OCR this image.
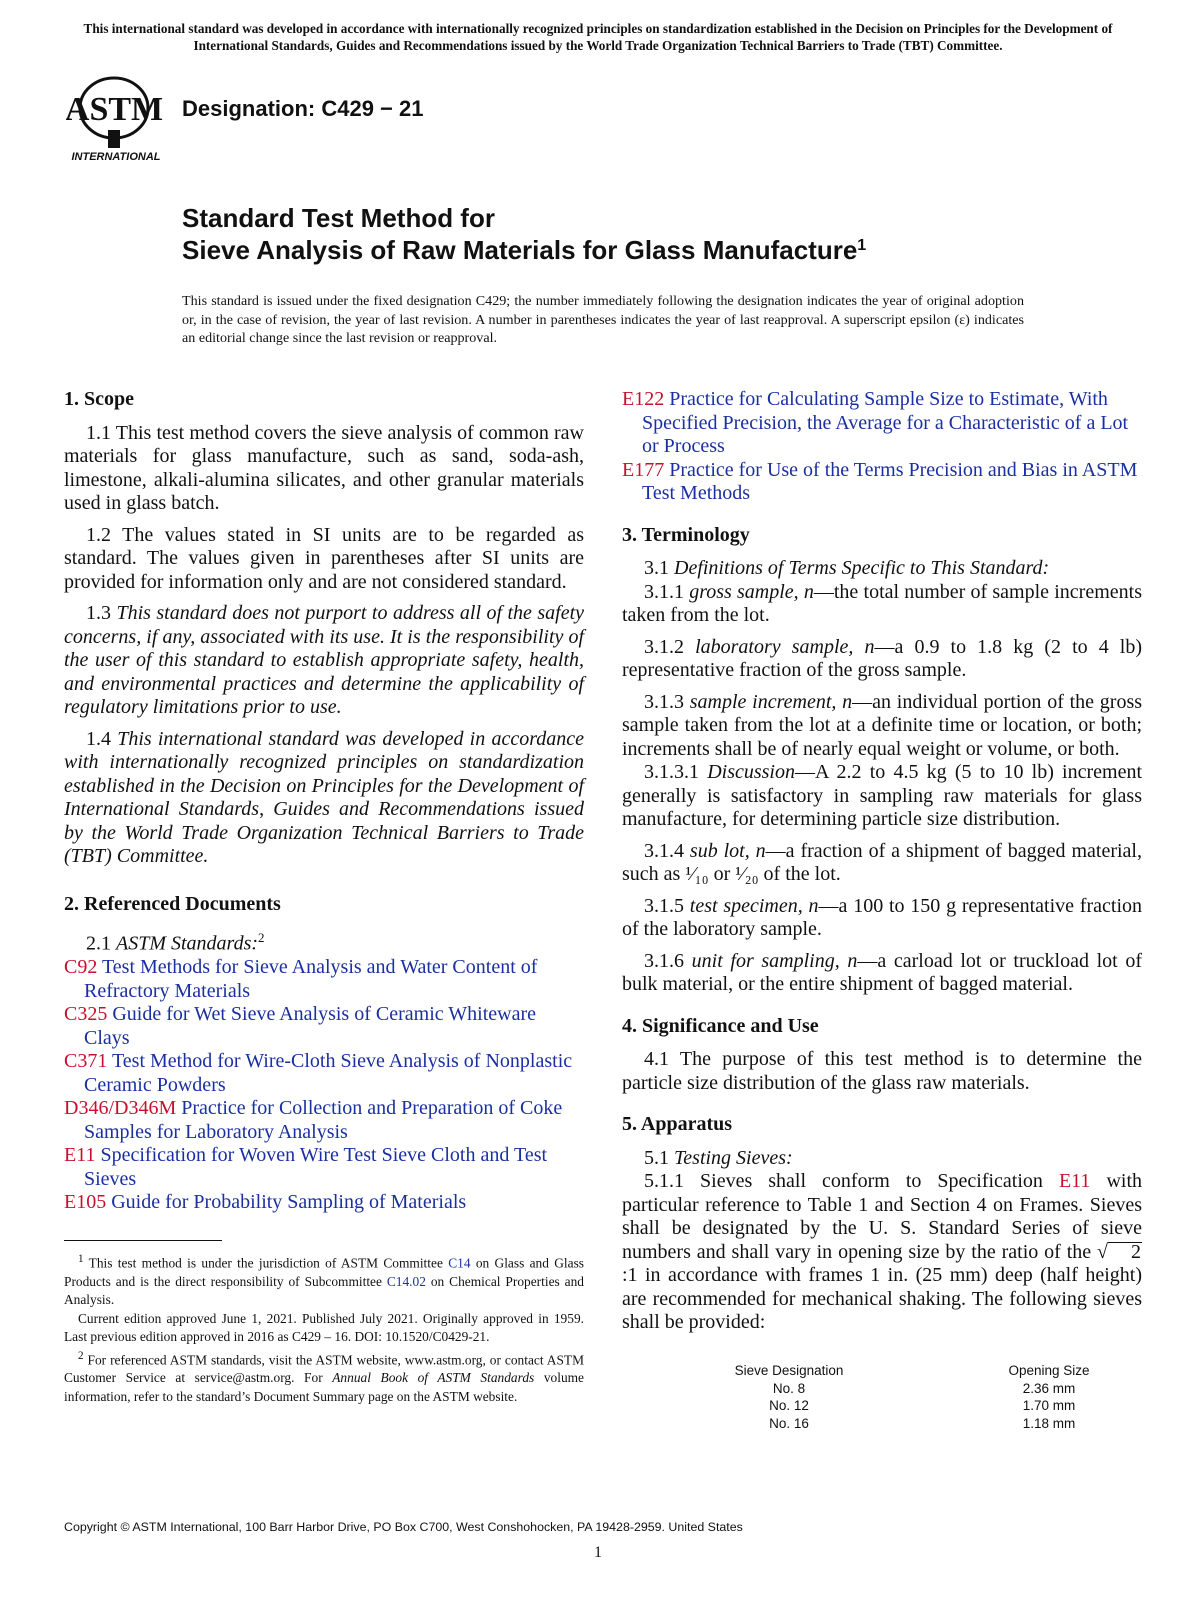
This international standard was developed in accordance with internationally recognized principles on standardization established in the Decision on Principles for the Development of International Standards, Guides and Recommendations issued by the World Trade Organization Technical Barriers to Trade (TBT) Committee.
ASTM
INTERNATIONAL
Designation: C429 − 21
Standard Test Method for
Sieve Analysis of Raw Materials for Glass Manufacture$^1$
This standard is issued under the fixed designation C429; the number immediately following the designation indicates the year of original adoption or, in the case of revision, the year of last revision. A number in parentheses indicates the year of last reapproval. A superscript epsilon (ε) indicates an editorial change since the last revision or reapproval.

1. Scope

1.1 This test method covers the sieve analysis of common raw materials for glass manufacture, such as sand, soda-ash, limestone, alkali-alumina silicates, and other granular materials used in glass batch.

1.2 The values stated in SI units are to be regarded as standard. The values given in parentheses after SI units are provided for information only and are not considered standard.

1.3 This standard does not purport to address all of the safety concerns, if any, associated with its use. It is the responsibility of the user of this standard to establish appropriate safety, health, and environmental practices and determine the applicability of regulatory limitations prior to use.

1.4 This international standard was developed in accordance with internationally recognized principles on standardization established in the Decision on Principles for the Development of International Standards, Guides and Recommendations issued by the World Trade Organization Technical Barriers to Trade (TBT) Committee.

2. Referenced Documents

2.1 ASTM Standards:$^2$

C92 Test Methods for Sieve Analysis and Water Content of Refractory Materials
C325 Guide for Wet Sieve Analysis of Ceramic Whiteware Clays
C371 Test Method for Wire-Cloth Sieve Analysis of Nonplastic Ceramic Powders
D346/D346M Practice for Collection and Preparation of Coke Samples for Laboratory Analysis
E11 Specification for Woven Wire Test Sieve Cloth and Test Sieves
E105 Guide for Probability Sampling of Materials
E122 Practice for Calculating Sample Size to Estimate, With Specified Precision, the Average for a Characteristic of a Lot or Process
E177 Practice for Use of the Terms Precision and Bias in ASTM Test Methods

3. Terminology

3.1 Definitions of Terms Specific to This Standard:

3.1.1 gross sample, n—the total number of sample increments taken from the lot.

3.1.2 laboratory sample, n—a 0.9 to 1.8 kg (2 to 4 lb) representative fraction of the gross sample.

3.1.3 sample increment, n—an individual portion of the gross sample taken from the lot at a definite time or location, or both; increments shall be of nearly equal weight or volume, or both.

3.1.3.1 Discussion—A 2.2 to 4.5 kg (5 to 10 lb) increment generally is satisfactory in sampling raw materials for glass manufacture, for determining particle size distribution.

3.1.4 sub lot, n—a fraction of a shipment of bagged material, such as ¹⁄₁₀ or ¹⁄₂₀ of the lot.

3.1.5 test specimen, n—a 100 to 150 g representative fraction of the laboratory sample.

3.1.6 unit for sampling, n—a carload lot or truckload lot of bulk material, or the entire shipment of bagged material.

4. Significance and Use

4.1 The purpose of this test method is to determine the particle size distribution of the glass raw materials.

5. Apparatus

5.1 Testing Sieves:

5.1.1 Sieves shall conform to Specification E11 with particular reference to Table 1 and Section 4 on Frames. Sieves shall be designated by the U. S. Standard Series of sieve numbers and shall vary in opening size by the ratio of the √ 2:1 in accordance with frames 1 in. (25 mm) deep (half height) are recommended for mechanical shaking. The following sieves shall be provided:

Sieve Designation	Opening Size
No. 8	2.36 mm
No. 12	1.70 mm
No. 16	1.18 mm

$^1$ This test method is under the jurisdiction of ASTM Committee C14 on Glass and Glass Products and is the direct responsibility of Subcommittee C14.02 on Chemical Properties and Analysis.

Current edition approved June 1, 2021. Published July 2021. Originally approved in 1959. Last previous edition approved in 2016 as C429 – 16. DOI: 10.1520/C0429-21.

$^2$ For referenced ASTM standards, visit the ASTM website, www.astm.org, or contact ASTM Customer Service at service@astm.org. For Annual Book of ASTM Standards volume information, refer to the standard’s Document Summary page on the ASTM website.

Copyright © ASTM International, 100 Barr Harbor Drive, PO Box C700, West Conshohocken, PA 19428-2959. United States
1
